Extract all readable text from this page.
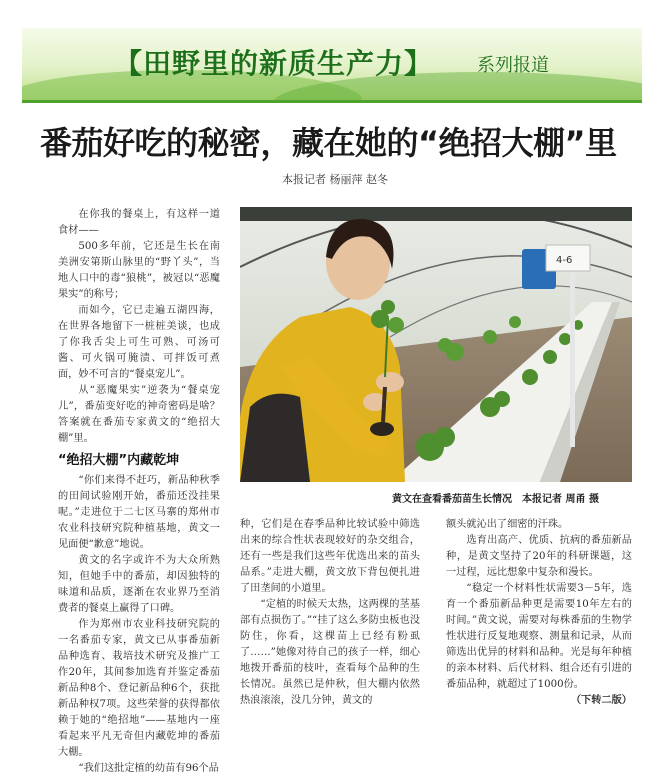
【田野里的新质生产力】 系列报道
番茄好吃的秘密，藏在她的“绝招大棚”里
本报记者 杨丽萍 赵冬

在你我的餐桌上，有这样一道食材——

500多年前，它还是生长在南美洲安第斯山脉里的“野丫头”，当地人口中的毒“狼桃”，被冠以“恶魔果实”的称号；

而如今，它已走遍五湖四海，在世界各地留下一桩桩美谈，也成了你我舌尖上可生可熟、可汤可酱、可火锅可腌渍、可拌饭可煮面，妙不可言的“餐桌宠儿”。

从“恶魔果实”逆袭为“餐桌宠儿”，番茄变好吃的神奇密码是啥？答案就在番茄专家黄文的“绝招大棚”里。

“绝招大棚”内藏乾坤

“你们来得不赶巧，新品种秋季的田间试验刚开始，番茄还没挂果呢。”走进位于二七区马寨的郑州市农业科技研究院种植基地，黄文一见面便“歉意”地说。

黄文的名字或许不为大众所熟知，但她手中的番茄，却因独特的味道和品质，逐渐在农业界乃至消费者的餐桌上赢得了口碑。

作为郑州市农业科技研究院的一名番茄专家，黄文已从事番茄新品种选育、栽培技术研究及推广工作20年，其间参加选育并鉴定番茄新品种8个、登记新品种6个，获批新品种权7项。这些荣誉的获得都依赖于她的“绝招地”——基地内一座看起来平凡无奇但内藏乾坤的番茄大棚。

“我们这批定植的幼苗有96个品

4-6
黄文在查看番茄苗生长情况　本报记者 周甬 摄

种，它们是在春季品种比较试验中筛选出来的综合性状表现较好的杂交组合，还有一些是我们这些年优选出来的苗头品系。”走进大棚，黄文放下背包便扎进了田垄间的小道里。

“定植的时候天太热，这两棵的茎基部有点损伤了。”“挂了这么多防虫板也没防住，你看，这棵苗上已经有粉虱了……”她像对待自己的孩子一样，细心地拨开番茄的枝叶，查看每个品种的生长情况。虽然已是仲秋，但大棚内依然热浪滚滚，没几分钟，黄文的

额头就沁出了细密的汗珠。

选育出高产、优质、抗病的番茄新品种，是黄文坚持了20年的科研课题，这一过程，远比想象中复杂和漫长。

“稳定一个材料性状需要3－5年，选育一个番茄新品种更是需要10年左右的时间。”黄文说，需要对每株番茄的生物学性状进行反复地观察、测量和记录，从而筛选出优异的材料和品种。光是每年种植的亲本材料、后代材料、组合还有引进的番茄品种，就超过了1000份。

（下转二版）
